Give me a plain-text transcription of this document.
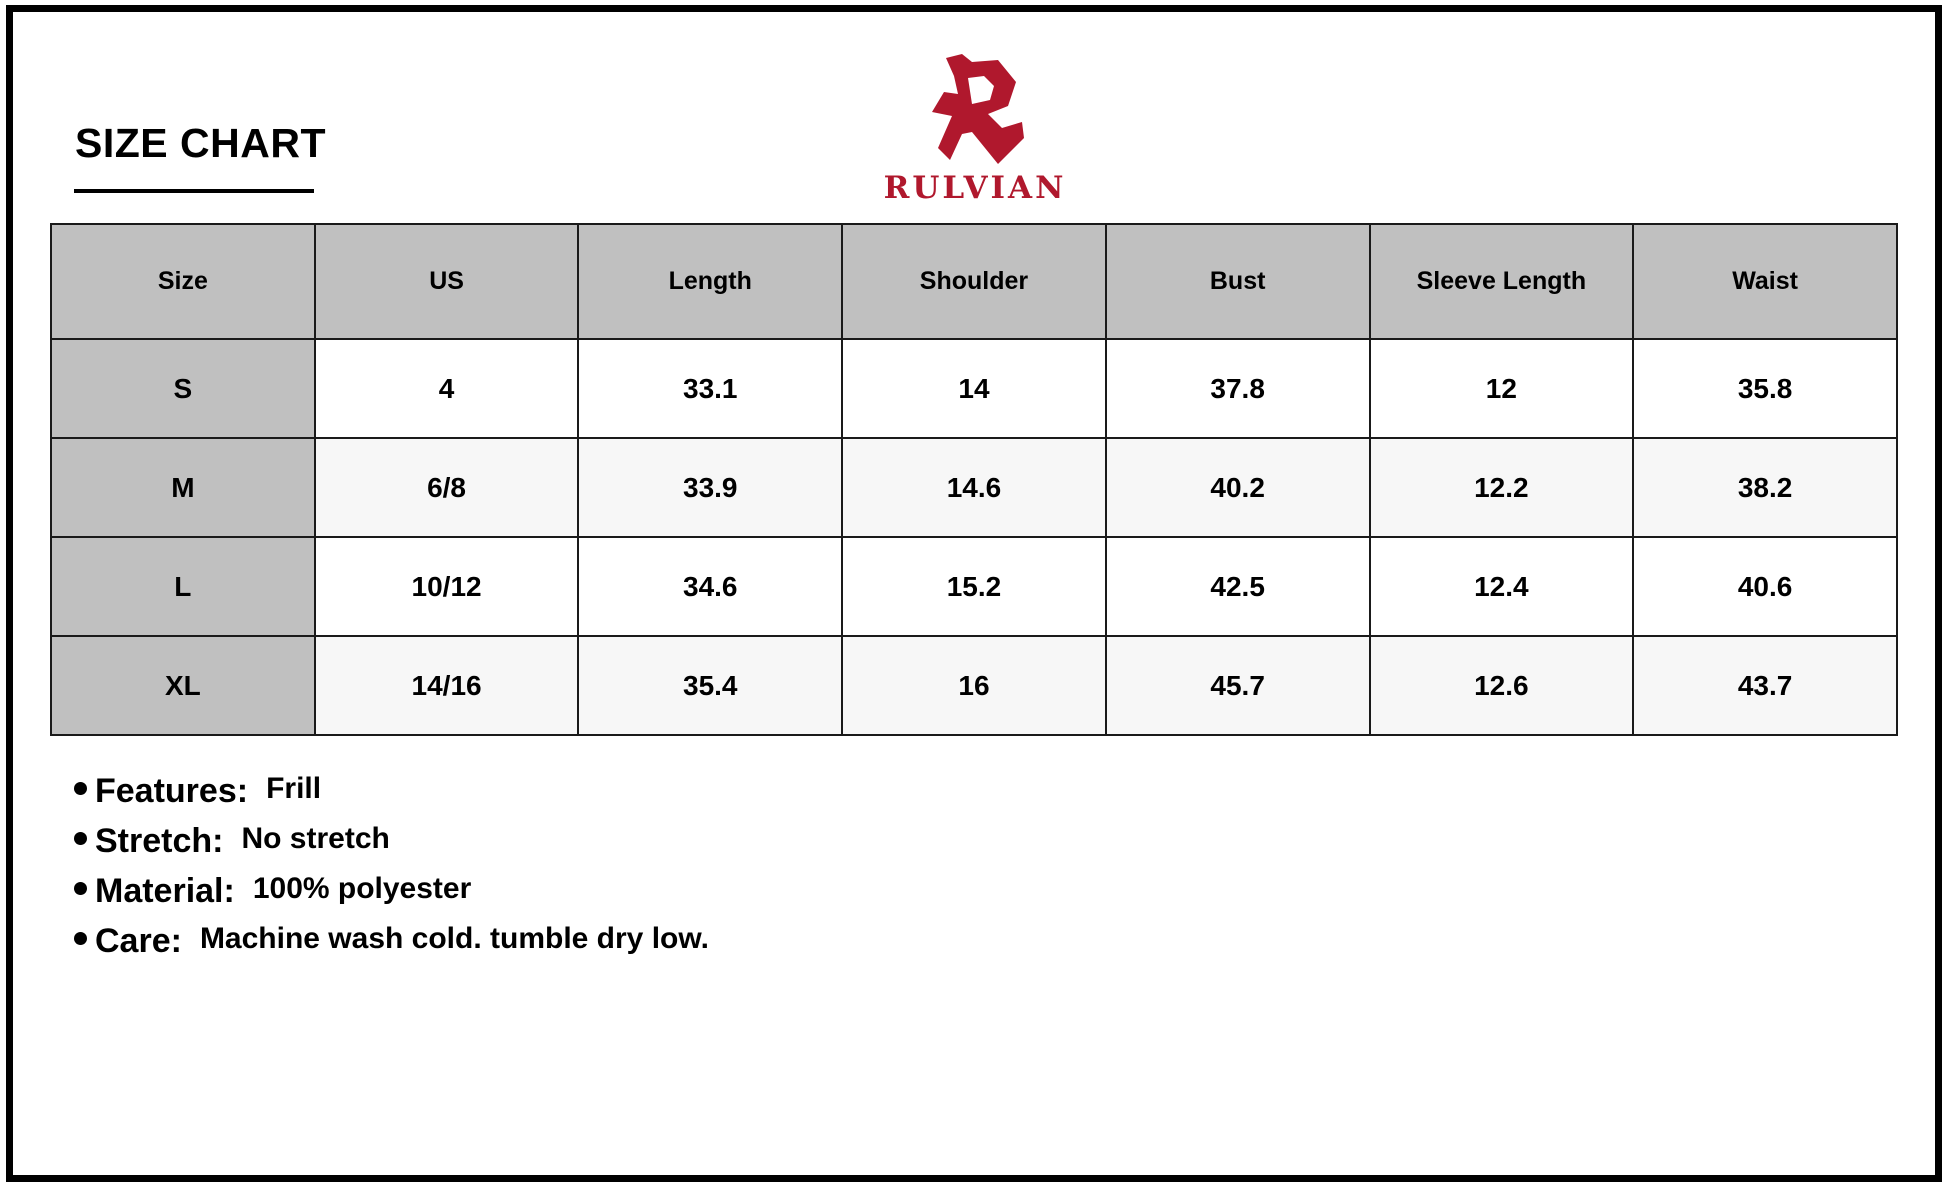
SIZE CHART
RULVIAN
Size	US	Length	Shoulder	Bust	Sleeve Length	Waist
S	4	33.1	14	37.8	12	35.8
M	6/8	33.9	14.6	40.2	12.2	38.2
L	10/12	34.6	15.2	42.5	12.4	40.6
XL	14/16	35.4	16	45.7	12.6	43.7
Features: Frill
Stretch: No stretch
Material: 100% polyester
Care: Machine wash cold. tumble dry low.
